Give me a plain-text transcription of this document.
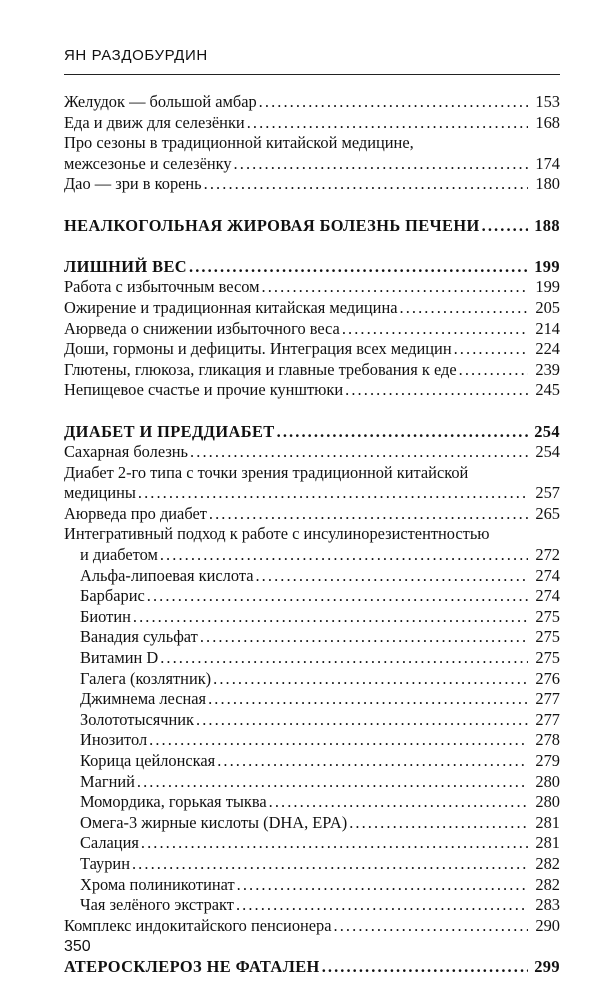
ЯН РАЗДОБУРДИН
Желудок — большой амбар . . .	153
Еда и движ для селезёнки . . .	168
Про сезоны в традиционной китайской медицине,
межсезонье и селезёнку . . .	174
Дао — зри в корень . . .	180
НЕАЛКОГОЛЬНАЯ ЖИРОВАЯ БОЛЕЗНЬ ПЕЧЕНИ . . .	188
ЛИШНИЙ ВЕС . . .	199
Работа с избыточным весом . . .	199
Ожирение и традиционная китайская медицина . . .	205
Аюрведа о снижении избыточного веса . . .	214
Доши, гормоны и дефициты. Интеграция всех медицин . . .	224
Глютены, глюкоза, гликация и главные требования к еде . . .	239
Непищевое счастье и прочие кунштюки . . .	245
ДИАБЕТ И ПРЕДДИАБЕТ . . .	254
Сахарная болезнь . . .	254
Диабет 2-го типа с точки зрения традиционной китайской
медицины . . .	257
Аюрведа про диабет . . .	265
Интегративный подход к работе с инсулинорезистентностью
и диабетом . . .	272
Альфа-липоевая кислота . . .	274
Барбарис . . .	274
Биотин . . .	275
Ванадия сульфат . . .	275
Витамин D . . .	275
Галега (козлятник) . . .	276
Джимнема лесная . . .	277
Золототысячник . . .	277
Инозитол . . .	278
Корица цейлонская . . .	279
Магний . . .	280
Момордика, горькая тыква . . .	280
Омега-3 жирные кислоты (DHA, EPA) . . .	281
Салация . . .	281
Таурин . . .	282
Хрома полиникотинат . . .	282
Чая зелёного экстракт . . .	283
Комплекс индокитайского пенсионера . . .	290
АТЕРОСКЛЕРОЗ НЕ ФАТАЛЕН . . .	299
350
